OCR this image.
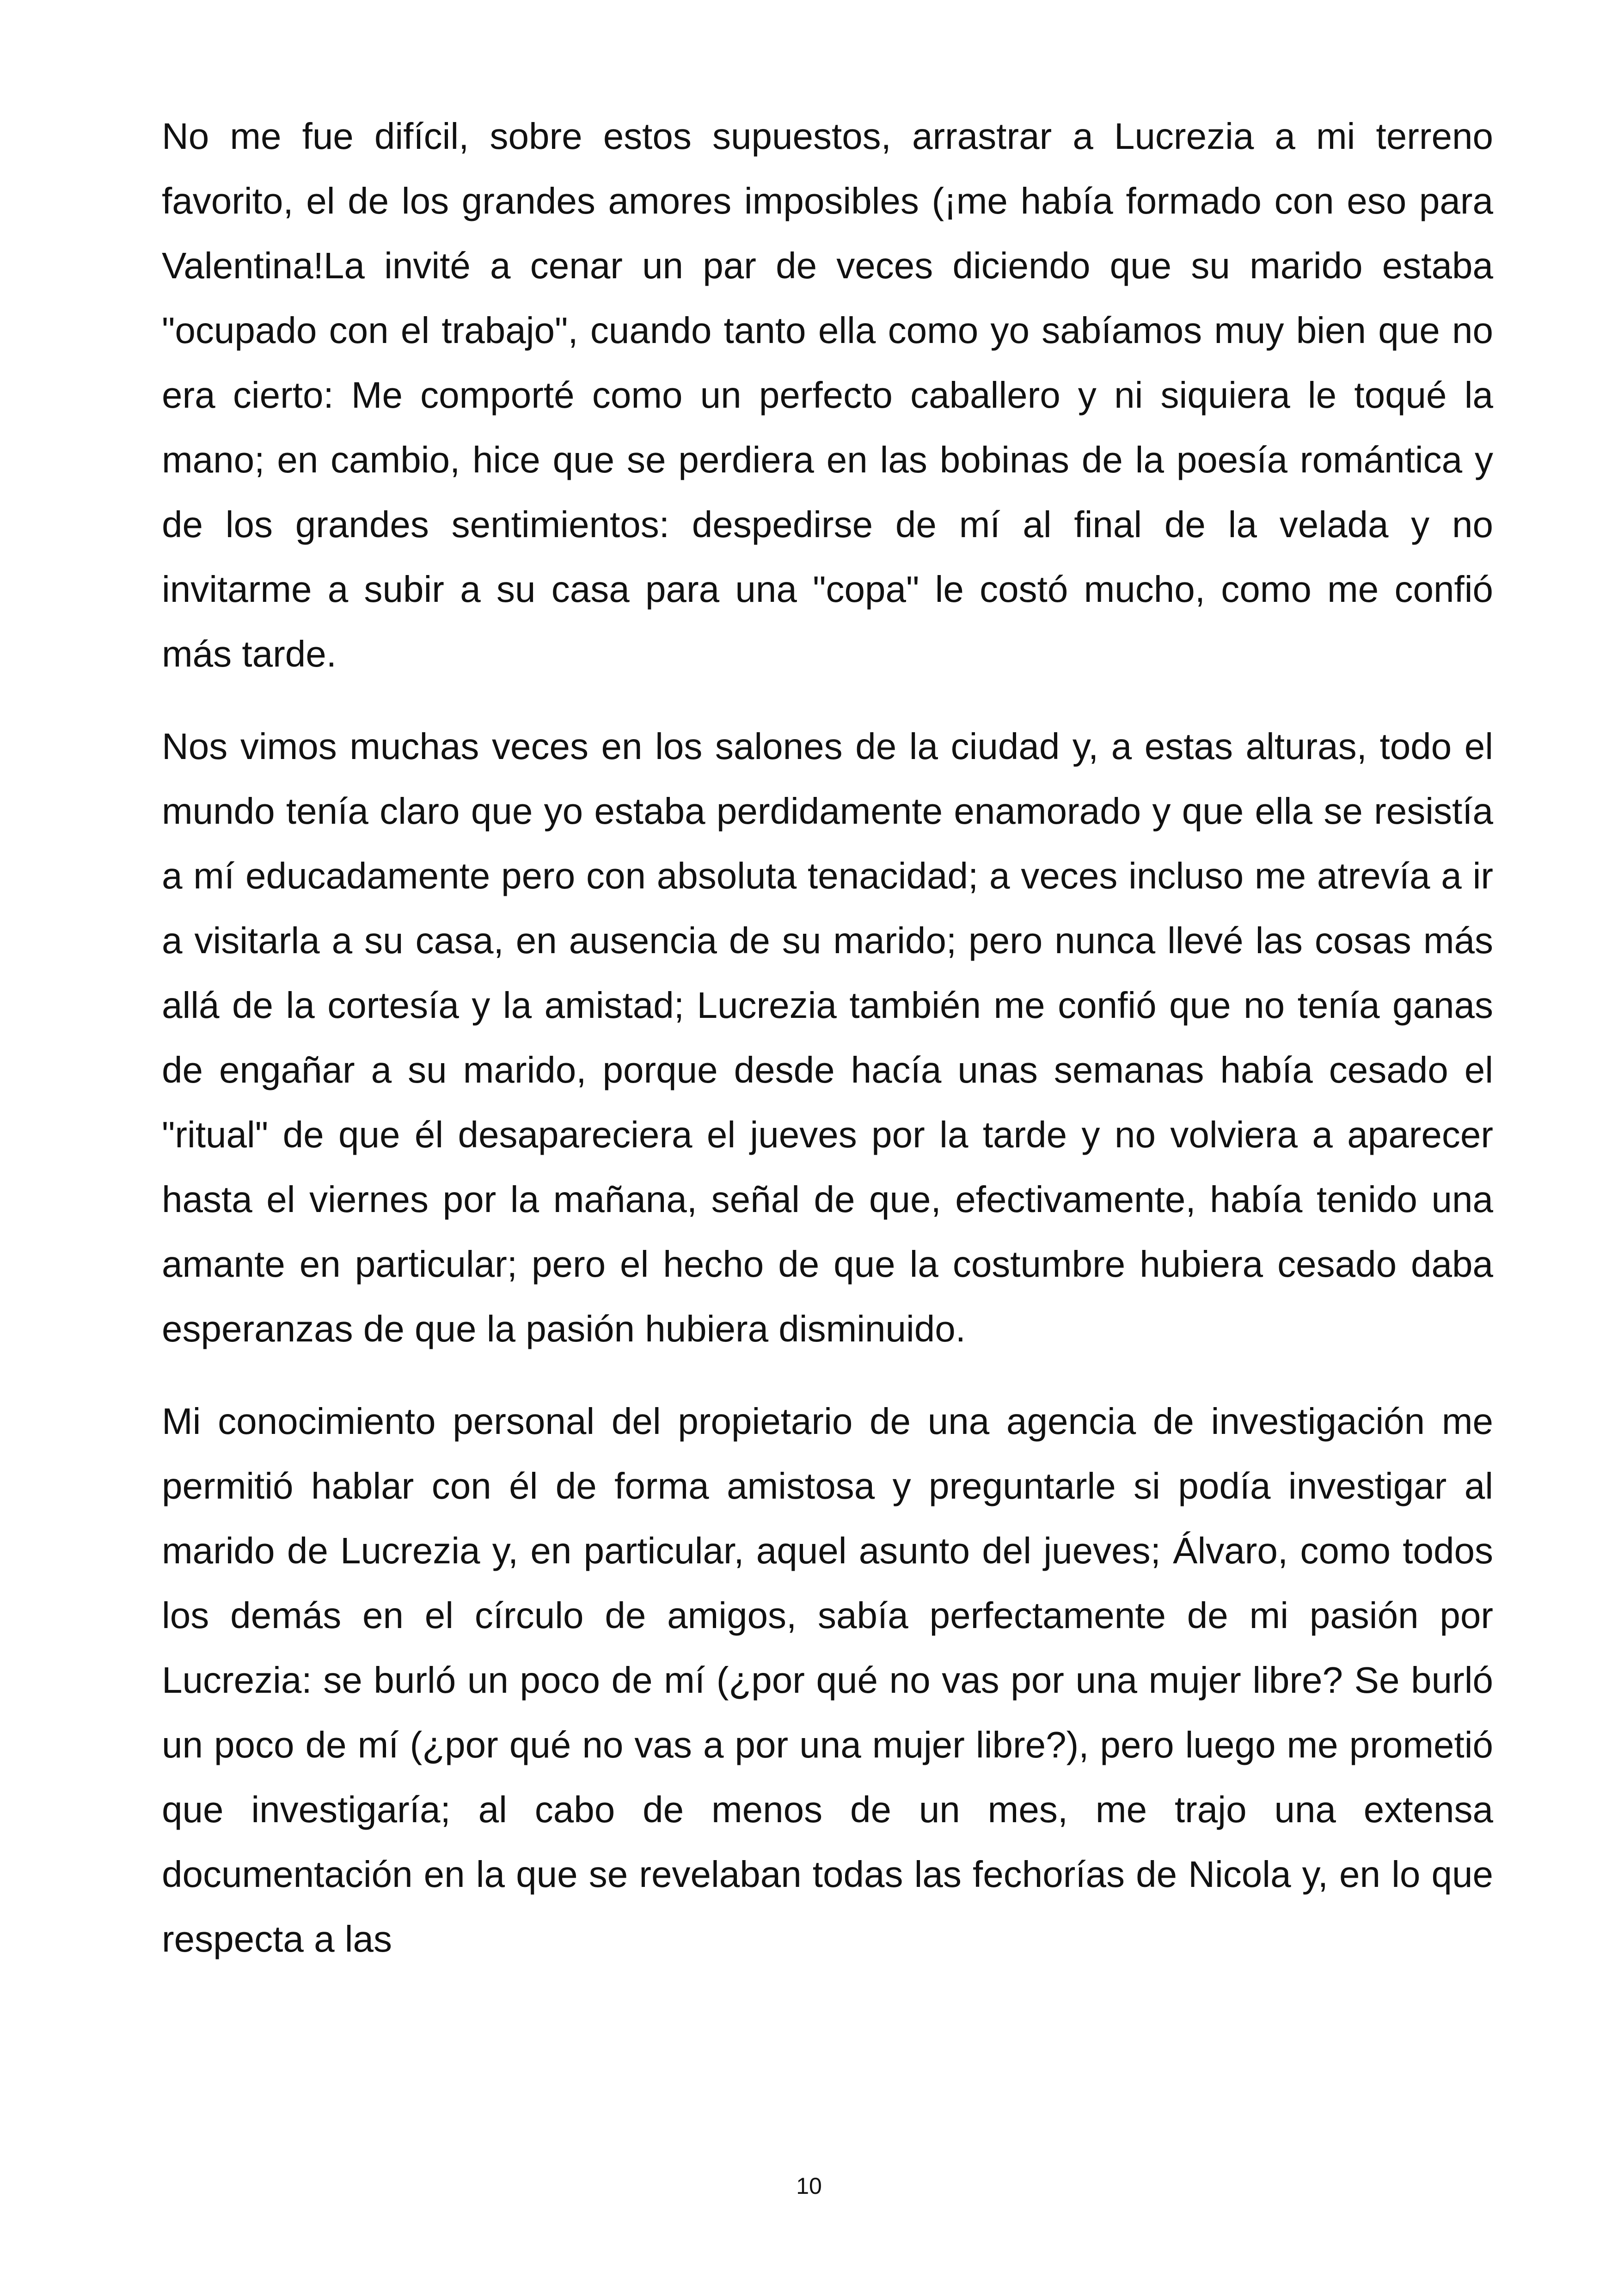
No me fue difícil, sobre estos supuestos, arrastrar a Lucrezia a mi terreno favorito, el de los grandes amores imposibles (¡me había formado con eso para Valentina!La invité a cenar un par de veces diciendo que su marido estaba "ocupado con el trabajo", cuando tanto ella como yo sabíamos muy bien que no era cierto: Me comporté como un perfecto caballero y ni siquiera le toqué la mano; en cambio, hice que se perdiera en las bobinas de la poesía romántica y de los grandes sentimientos: despedirse de mí al final de la velada y no invitarme a subir a su casa para una "copa" le costó mucho, como me confió más tarde.

Nos vimos muchas veces en los salones de la ciudad y, a estas alturas, todo el mundo tenía claro que yo estaba perdidamente enamorado y que ella se resistía a mí educadamente pero con absoluta tenacidad; a veces incluso me atrevía a ir a visitarla a su casa, en ausencia de su marido; pero nunca llevé las cosas más allá de la cortesía y la amistad; Lucrezia también me confió que no tenía ganas de engañar a su marido, porque desde hacía unas semanas había cesado el "ritual" de que él desapareciera el jueves por la tarde y no volviera a aparecer hasta el viernes por la mañana, señal de que, efectivamente, había tenido una amante en particular; pero el hecho de que la costumbre hubiera cesado daba esperanzas de que la pasión hubiera disminuido.

Mi conocimiento personal del propietario de una agencia de investigación me permitió hablar con él de forma amistosa y preguntarle si podía investigar al marido de Lucrezia y, en particular, aquel asunto del jueves; Álvaro, como todos los demás en el círculo de amigos, sabía perfectamente de mi pasión por Lucrezia: se burló un poco de mí (¿por qué no vas por una mujer libre? Se burló un poco de mí (¿por qué no vas a por una mujer libre?), pero luego me prometió que investigaría; al cabo de menos de un mes, me trajo una extensa documentación en la que se revelaban todas las fechorías de Nicola y, en lo que respecta a las

10
